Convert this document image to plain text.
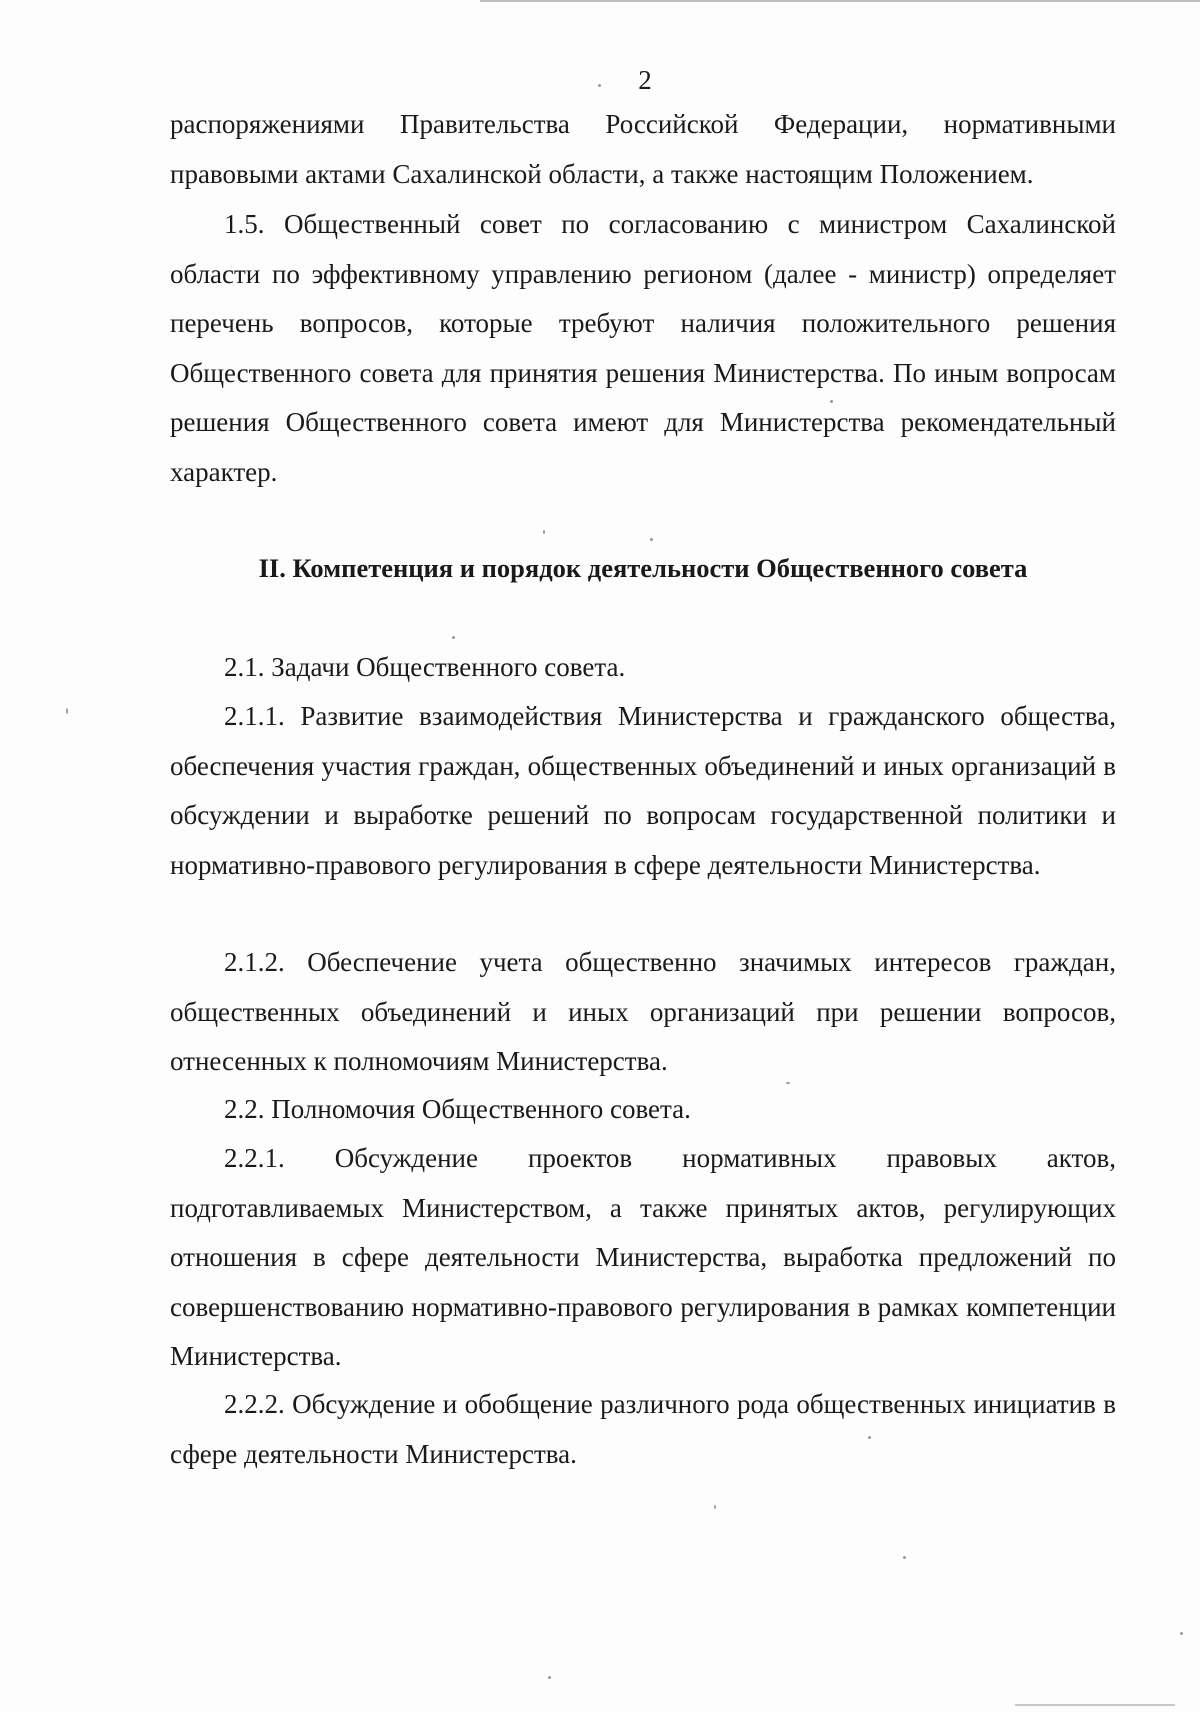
2

распоряжениями Правительства Российской Федерации, нормативными правовыми актами Сахалинской области, а также настоящим Положением.

1.5. Общественный совет по согласованию с министром Сахалинской области по эффективному управлению регионом (далее - министр) определяет перечень вопросов, которые требуют наличия положительного решения Общественного совета для принятия решения Министерства. По иным вопросам решения Общественного совета имеют для Министерства рекомендательный характер.

II. Компетенция и порядок деятельности Общественного совета

2.1. Задачи Общественного совета.

2.1.1. Развитие взаимодействия Министерства и гражданского общества, обеспечения участия граждан, общественных объединений и иных организаций в обсуждении и выработке решений по вопросам государственной политики и нормативно-правового регулирования в сфере деятельности Министерства.

2.1.2. Обеспечение учета общественно значимых интересов граждан, общественных объединений и иных организаций при решении вопросов, отнесенных к полномочиям Министерства.

2.2. Полномочия Общественного совета.

2.2.1. Обсуждение проектов нормативных правовых актов, подготавливаемых Министерством, а также принятых актов, регулирующих отношения в сфере деятельности Министерства, выработка предложений по совершенствованию нормативно-правового регулирования в рамках компетенции Министерства.

2.2.2. Обсуждение и обобщение различного рода общественных инициатив в сфере деятельности Министерства.
